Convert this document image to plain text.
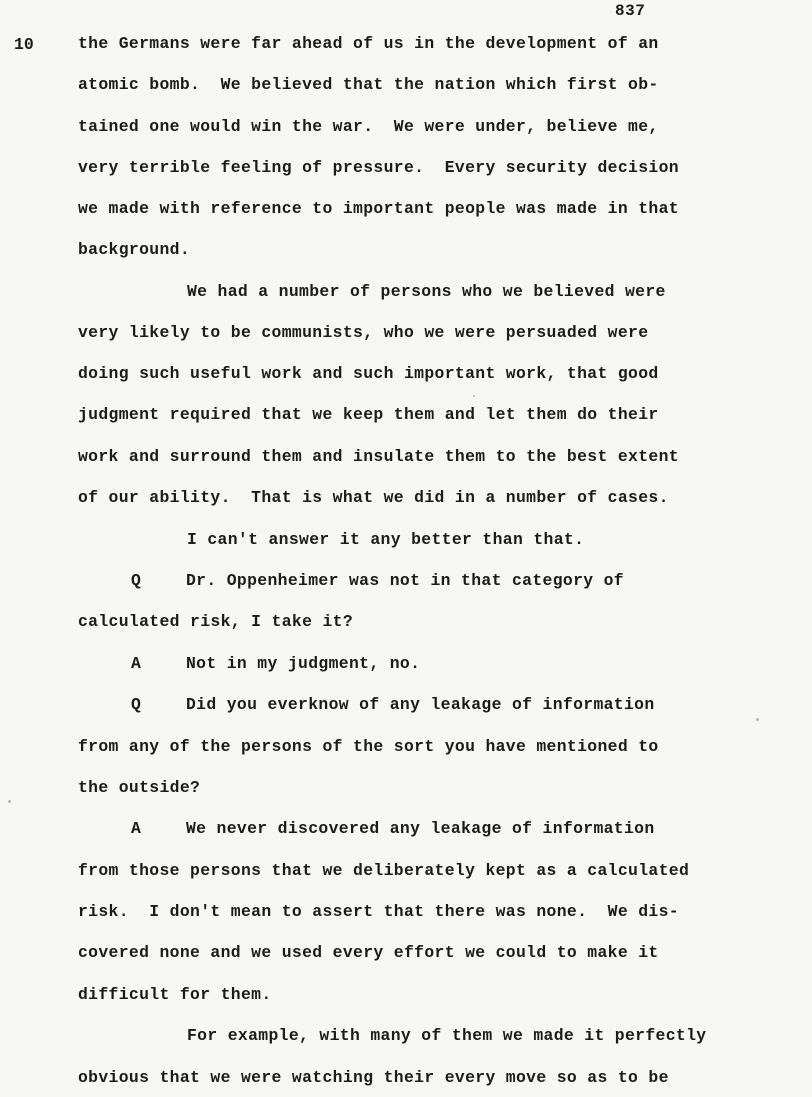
837
10	the Germans were far ahead of us in the development of an
atomic bomb.  We believed that the nation which first ob-
tained one would win the war.  We were under, believe me,
very terrible feeling of pressure.  Every security decision
we made with reference to important people was made in that
background.
We had a number of persons who we believed were
very likely to be communists, who we were persuaded were
doing such useful work and such important work, that good
judgment required that we keep them and let them do their
work and surround them and insulate them to the best extent
of our ability.  That is what we did in a number of cases.
I can't answer it any better than that.
Q	Dr. Oppenheimer was not in that category of
calculated risk, I take it?
A	Not in my judgment, no.
Q	Did you everknow of any leakage of information
from any of the persons of the sort you have mentioned to
the outside?
A	We never discovered any leakage of information
from those persons that we deliberately kept as a calculated
risk.  I don't mean to assert that there was none.  We dis-
covered none and we used every effort we could to make it
difficult for them.
For example, with many of them we made it perfectly
obvious that we were watching their every move so as to be
